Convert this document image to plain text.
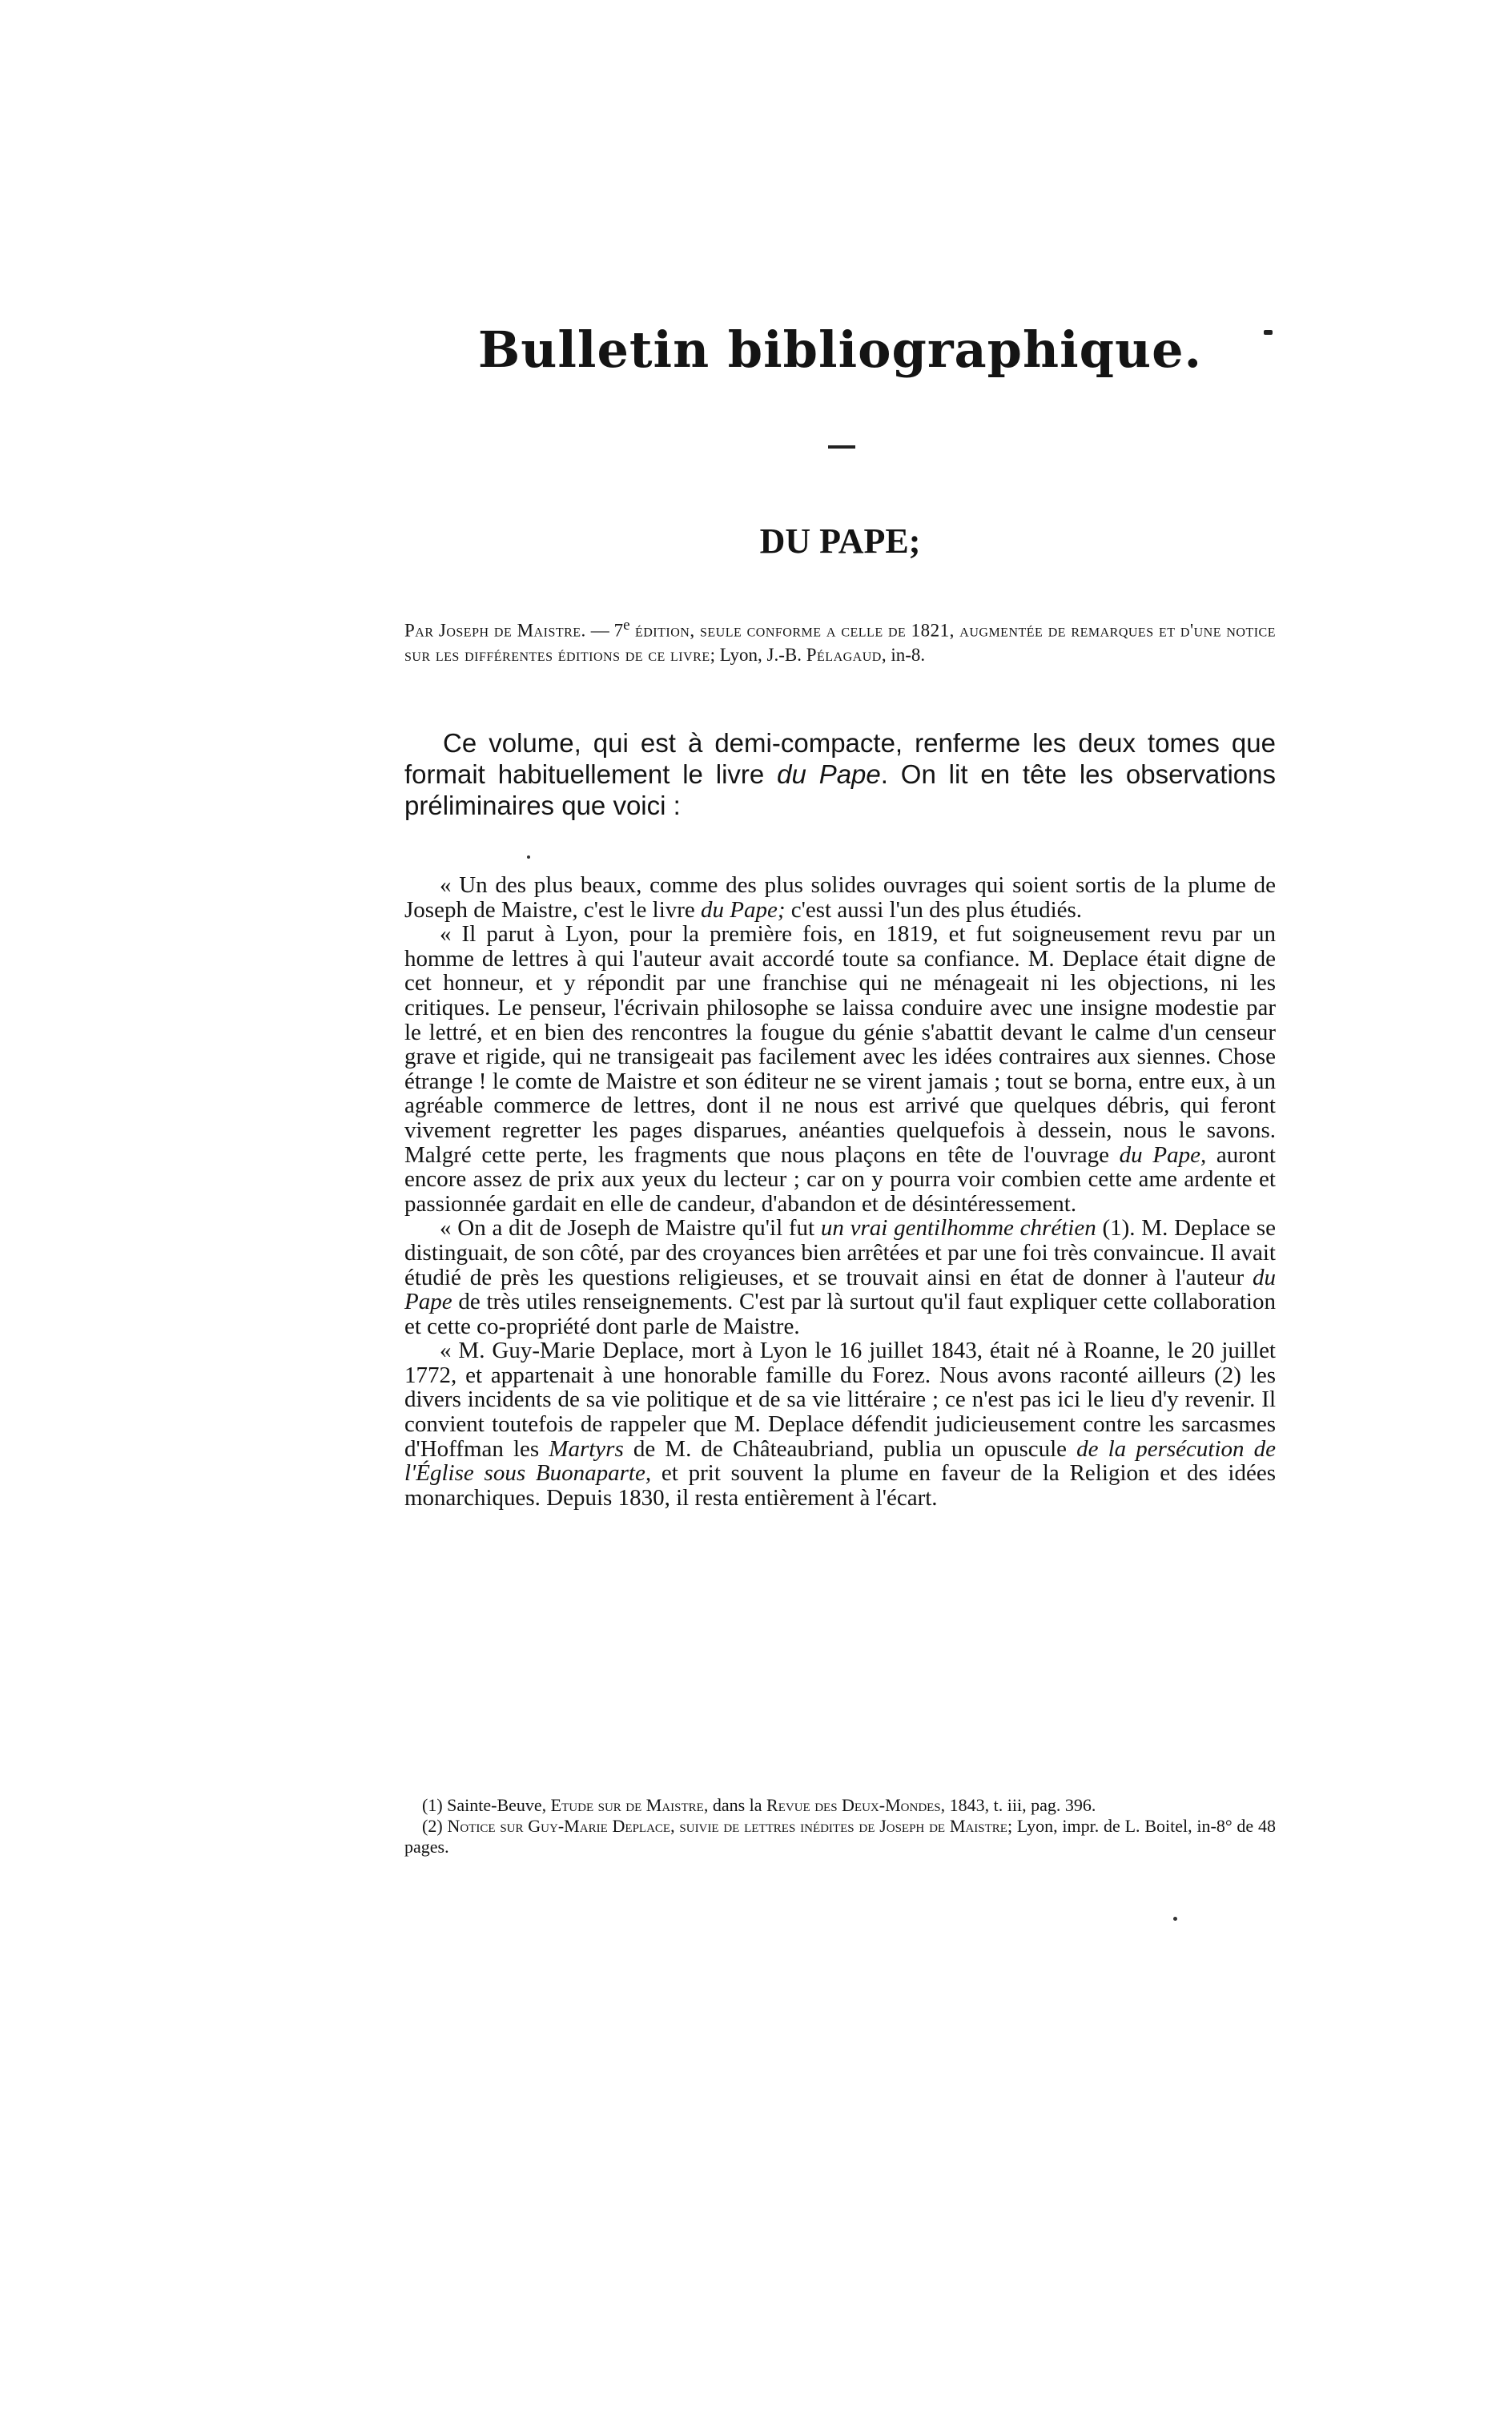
Bulletin bibliographique.
DU PAPE;

Par Joseph de Maistre. — 7e édition, seule conforme a celle de 1821, augmentée de remarques et d'une notice sur les différentes éditions de ce livre; Lyon, J.-B. Pélagaud, in-8.

Ce volume, qui est à demi-compacte, renferme les deux tomes que formait habituellement le livre du Pape. On lit en tête les observations préliminaires que voici :

« Un des plus beaux, comme des plus solides ouvrages qui soient sortis de la plume de Joseph de Maistre, c'est le livre du Pape; c'est aussi l'un des plus étudiés.

« Il parut à Lyon, pour la première fois, en 1819, et fut soigneusement revu par un homme de lettres à qui l'auteur avait accordé toute sa confiance. M. Deplace était digne de cet honneur, et y répondit par une franchise qui ne ménageait ni les objections, ni les critiques. Le penseur, l'écrivain philosophe se laissa conduire avec une insigne modestie par le lettré, et en bien des rencontres la fougue du génie s'abattit devant le calme d'un censeur grave et rigide, qui ne transigeait pas facilement avec les idées contraires aux siennes. Chose étrange ! le comte de Maistre et son éditeur ne se virent jamais ; tout se borna, entre eux, à un agréable commerce de lettres, dont il ne nous est arrivé que quelques débris, qui feront vivement regretter les pages disparues, anéanties quelquefois à dessein, nous le savons. Malgré cette perte, les fragments que nous plaçons en tête de l'ouvrage du Pape, auront encore assez de prix aux yeux du lecteur ; car on y pourra voir combien cette ame ardente et passionnée gardait en elle de candeur, d'abandon et de désintéressement.

« On a dit de Joseph de Maistre qu'il fut un vrai gentilhomme chrétien (1). M. Deplace se distinguait, de son côté, par des croyances bien arrêtées et par une foi très convaincue. Il avait étudié de près les questions religieuses, et se trouvait ainsi en état de donner à l'auteur du Pape de très utiles renseignements. C'est par là surtout qu'il faut expliquer cette collaboration et cette co-propriété dont parle de Maistre.

« M. Guy-Marie Deplace, mort à Lyon le 16 juillet 1843, était né à Roanne, le 20 juillet 1772, et appartenait à une honorable famille du Forez. Nous avons raconté ailleurs (2) les divers incidents de sa vie politique et de sa vie littéraire ; ce n'est pas ici le lieu d'y revenir. Il convient toutefois de rappeler que M. Deplace défendit judicieusement contre les sarcasmes d'Hoffman les Martyrs de M. de Châteaubriand, publia un opuscule de la persécution de l'Église sous Buonaparte, et prit souvent la plume en faveur de la Religion et des idées monarchiques. Depuis 1830, il resta entièrement à l'écart.

(1) Sainte-Beuve, Etude sur de Maistre, dans la Revue des Deux-Mondes, 1843, t. iii, pag. 396.

(2) Notice sur Guy-Marie Deplace, suivie de lettres inédites de Joseph de Maistre; Lyon, impr. de L. Boitel, in-8° de 48 pages.
